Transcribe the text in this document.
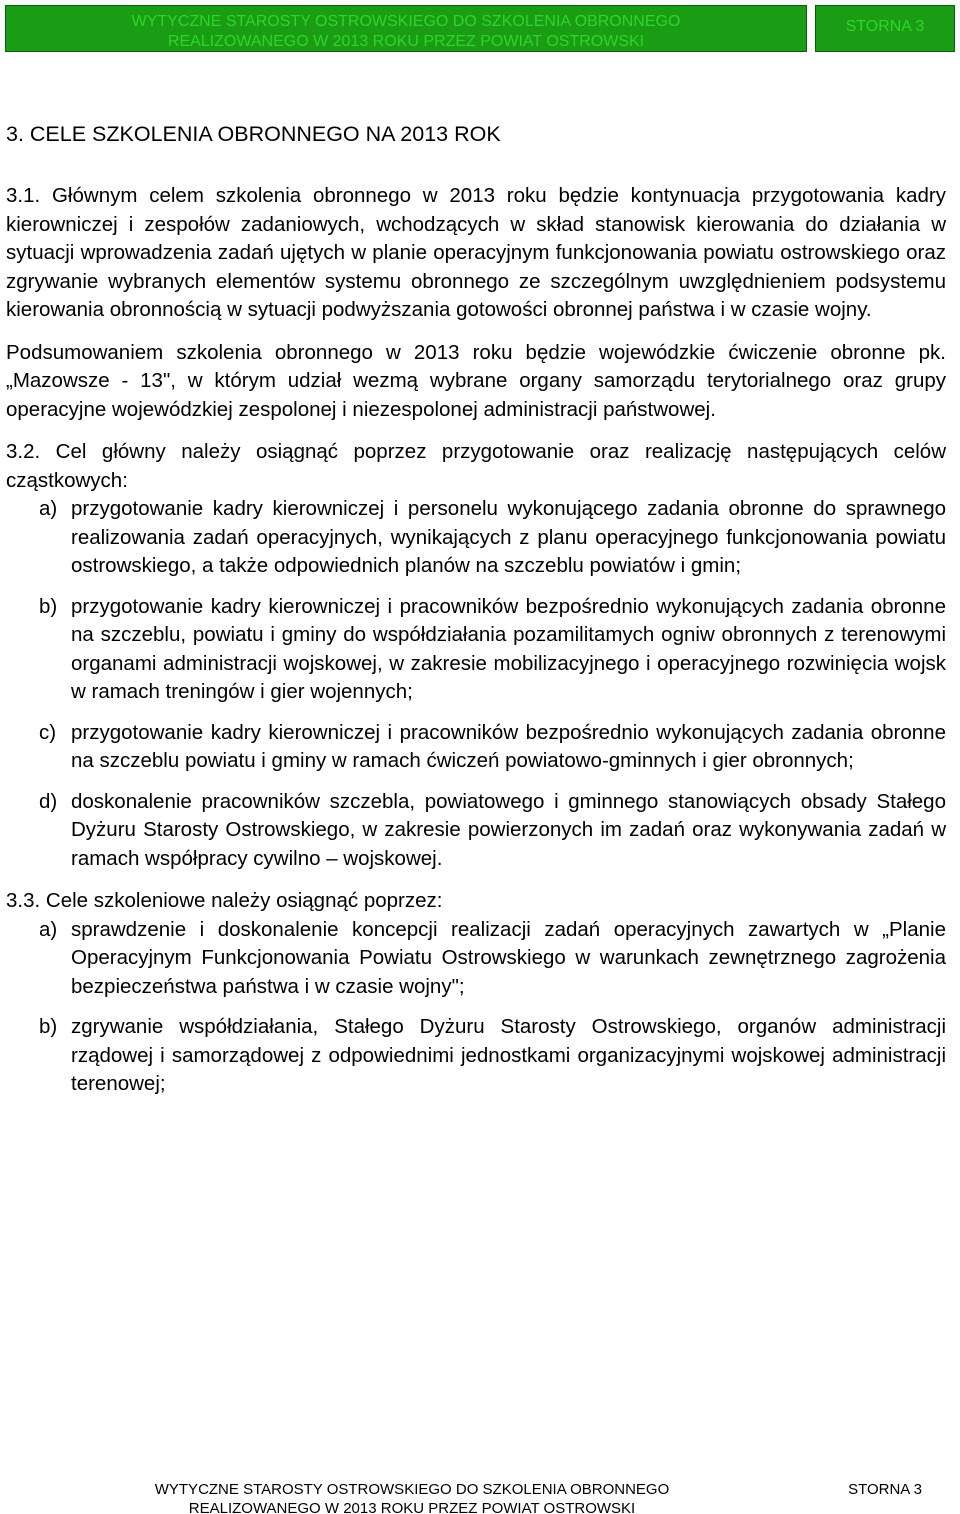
WYTYCZNE STAROSTY OSTROWSKIEGO DO SZKOLENIA OBRONNEGO
REALIZOWANEGO W 2013 ROKU PRZEZ POWIAT OSTROWSKI
STORNA 3
3. CELE SZKOLENIA OBRONNEGO NA 2013 ROK

3.1. Głównym celem szkolenia obronnego w 2013 roku będzie kontynuacja przygotowania kadry kierowniczej i zespołów zadaniowych, wchodzących w skład stanowisk kierowania do działania w sytuacji wprowadzenia zadań ujętych w planie operacyjnym funkcjonowania powiatu ostrowskiego oraz zgrywanie wybranych elementów systemu obronnego ze szczególnym uwzględnieniem podsystemu kierowania obronnością w sytuacji podwyższania gotowości obronnej państwa i w czasie wojny.

Podsumowaniem szkolenia obronnego w 2013 roku będzie wojewódzkie ćwiczenie obronne pk. „Mazowsze - 13", w którym udział wezmą wybrane organy samorządu terytorialnego oraz grupy operacyjne wojewódzkiej zespolonej i niezespolonej administracji państwowej.

3.2. Cel główny należy osiągnąć poprzez przygotowanie oraz realizację następujących celów cząstkowych:

a) przygotowanie kadry kierowniczej i personelu wykonującego zadania obronne do sprawnego realizowania zadań operacyjnych, wynikających z planu operacyjnego funkcjonowania powiatu ostrowskiego, a także odpowiednich planów na szczeblu powiatów i gmin;
b) przygotowanie kadry kierowniczej i pracowników bezpośrednio wykonujących zadania obronne na szczeblu, powiatu i gminy do współdziałania pozamilitamych ogniw obronnych z terenowymi organami administracji wojskowej, w zakresie mobilizacyjnego i operacyjnego rozwinięcia wojsk w ramach treningów i gier wojennych;
c) przygotowanie kadry kierowniczej i pracowników bezpośrednio wykonujących zadania obronne na szczeblu powiatu i gminy w ramach ćwiczeń powiatowo-gminnych i gier obronnych;
d) doskonalenie pracowników szczebla, powiatowego i gminnego stanowiących obsady Stałego Dyżuru Starosty Ostrowskiego, w zakresie powierzonych im zadań oraz wykonywania zadań w ramach współpracy cywilno – wojskowej.

3.3. Cele szkoleniowe należy osiągnąć poprzez:

a) sprawdzenie i doskonalenie koncepcji realizacji zadań operacyjnych zawartych w „Planie Operacyjnym Funkcjonowania Powiatu Ostrowskiego w warunkach zewnętrznego zagrożenia bezpieczeństwa państwa i w czasie wojny";
b) zgrywanie współdziałania, Stałego Dyżuru Starosty Ostrowskiego, organów administracji rządowej i samorządowej z odpowiednimi jednostkami organizacyjnymi wojskowej administracji terenowej;
WYTYCZNE STAROSTY OSTROWSKIEGO DO SZKOLENIA OBRONNEGO
REALIZOWANEGO W 2013 ROKU PRZEZ POWIAT OSTROWSKI
STORNA 3
